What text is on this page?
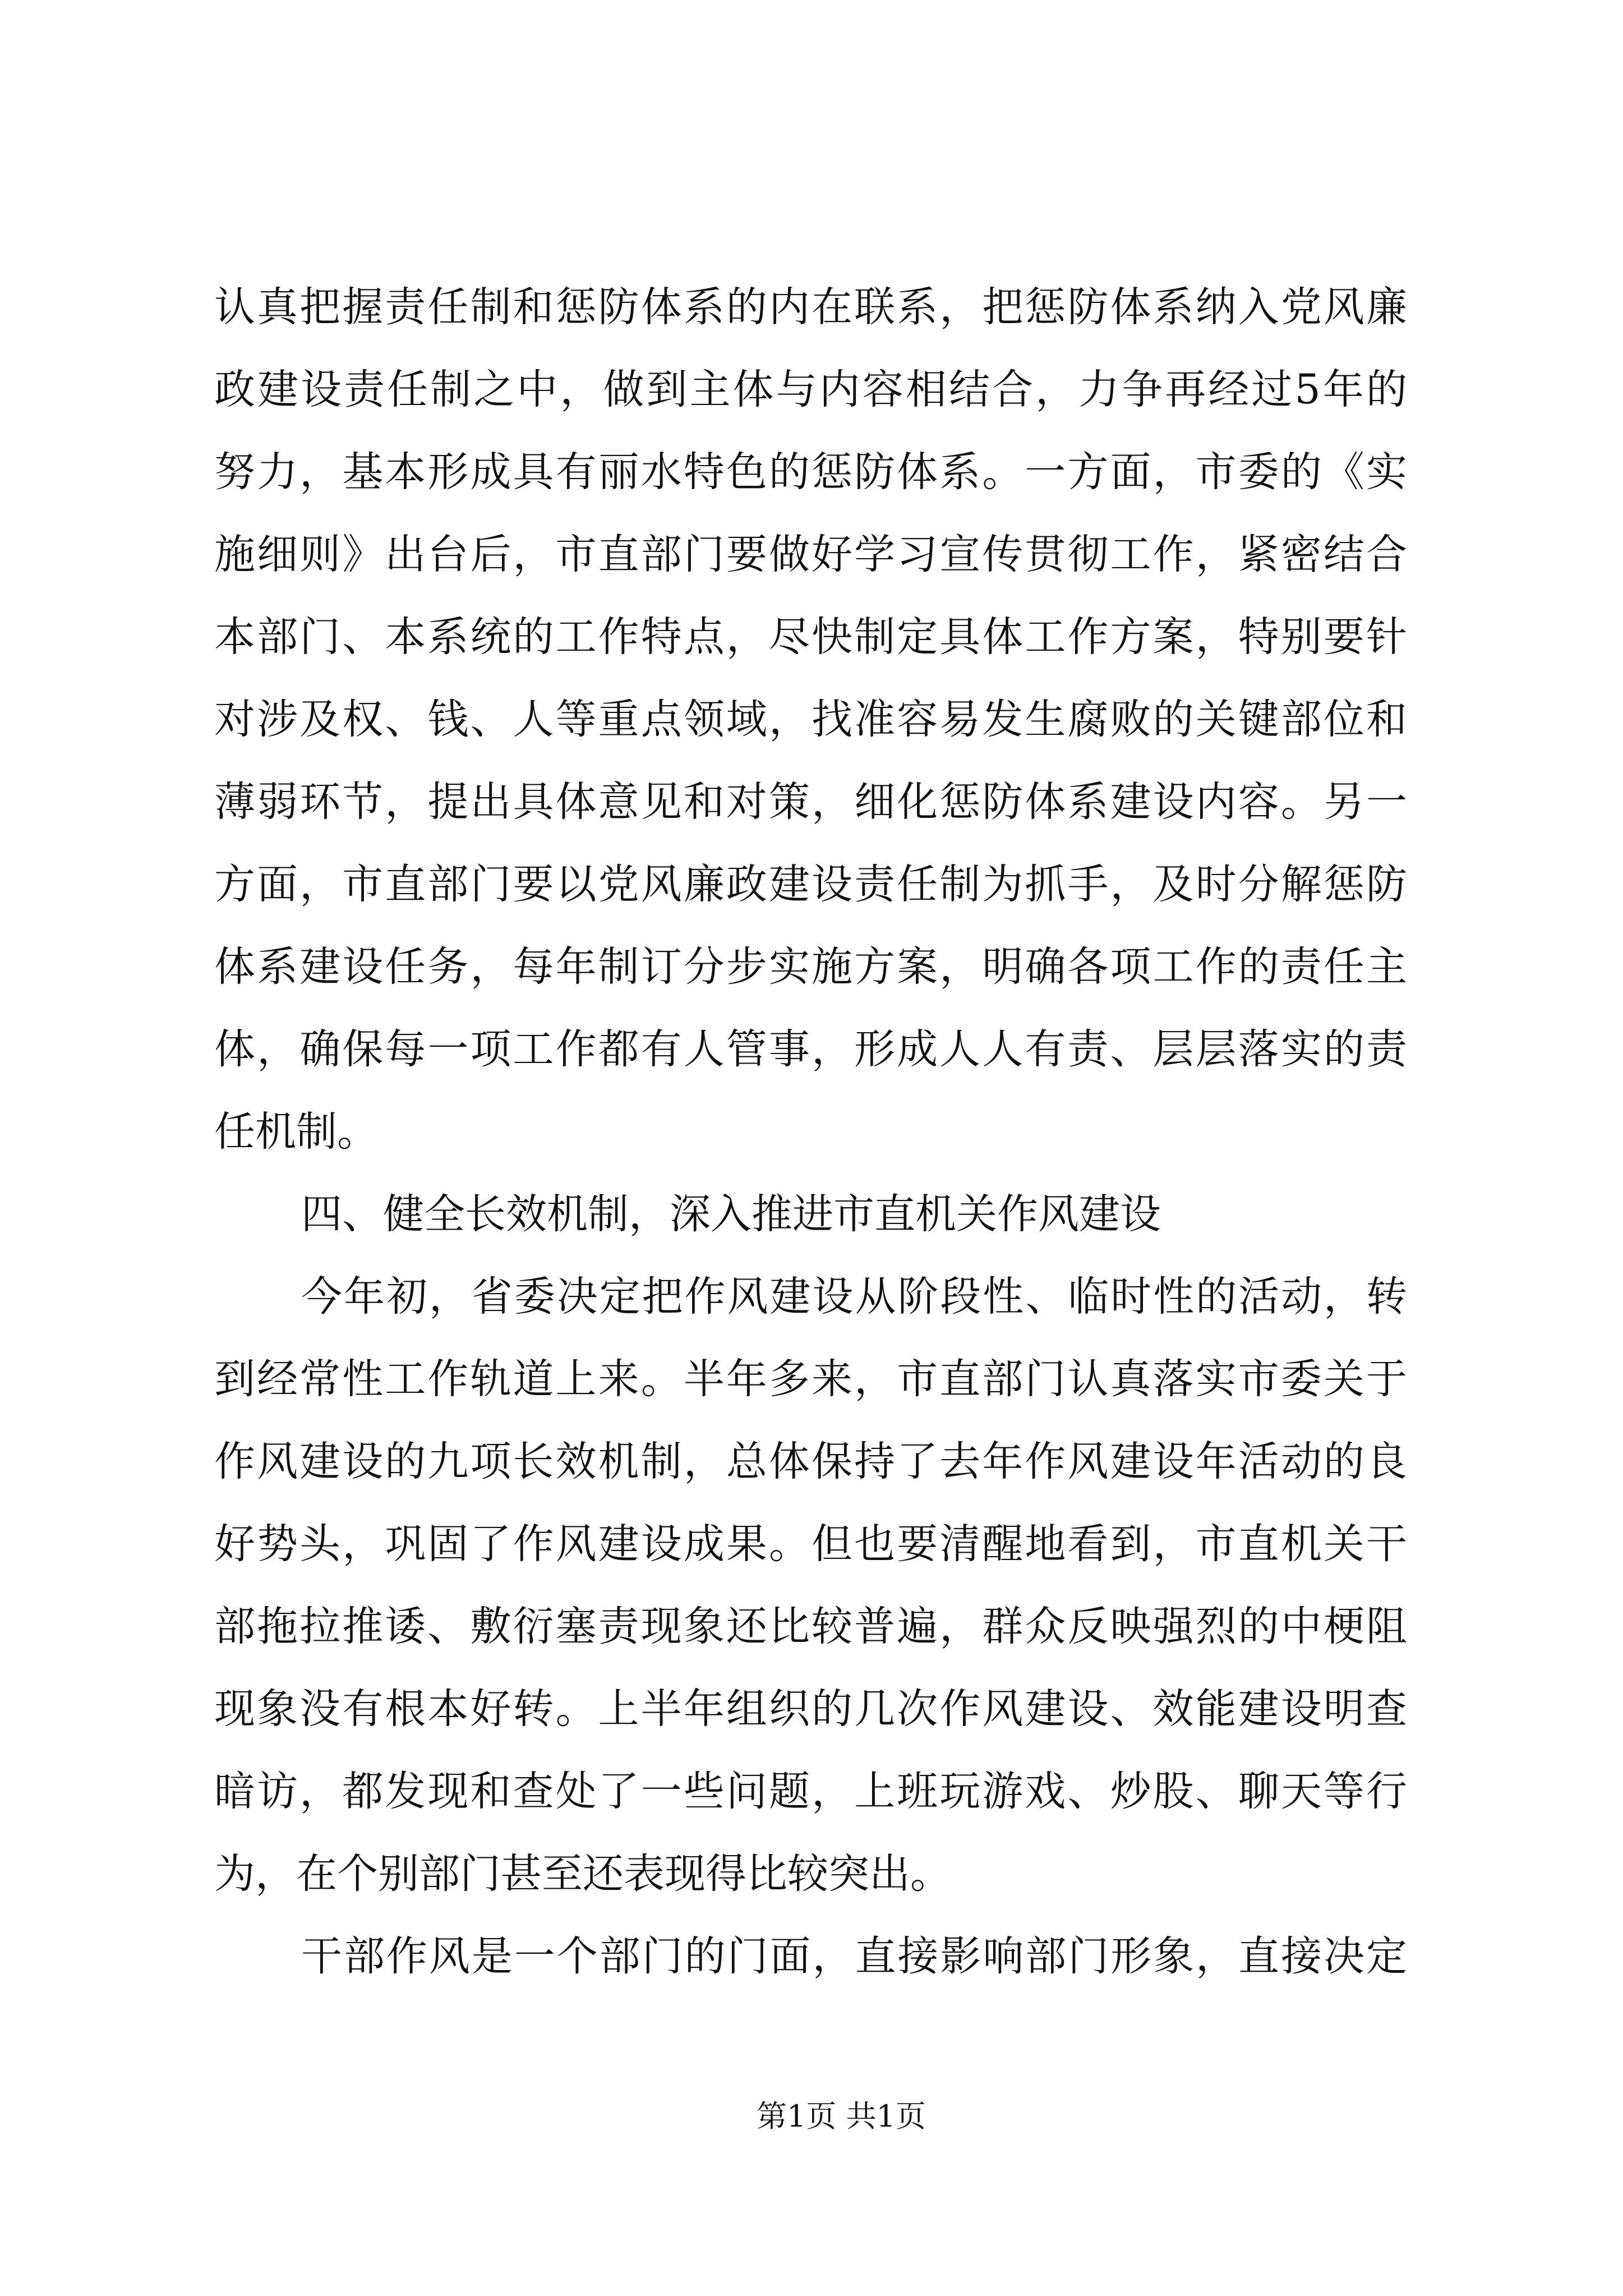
认真把握责任制和惩防体系的内在联系，把惩防体系纳入党风廉
政建设责任制之中，做到主体与内容相结合，力争再经过5年的
努力，基本形成具有丽水特色的惩防体系。一方面，市委的《实
施细则》出台后，市直部门要做好学习宣传贯彻工作，紧密结合
本部门、本系统的工作特点，尽快制定具体工作方案，特别要针
对涉及权、钱、人等重点领域，找准容易发生腐败的关键部位和
薄弱环节，提出具体意见和对策，细化惩防体系建设内容。另一
方面，市直部门要以党风廉政建设责任制为抓手，及时分解惩防
体系建设任务，每年制订分步实施方案，明确各项工作的责任主
体，确保每一项工作都有人管事，形成人人有责、层层落实的责
任机制。
四、健全长效机制，深入推进市直机关作风建设
今年初，省委决定把作风建设从阶段性、临时性的活动，转
到经常性工作轨道上来。半年多来，市直部门认真落实市委关于
作风建设的九项长效机制，总体保持了去年作风建设年活动的良
好势头，巩固了作风建设成果。但也要清醒地看到，市直机关干
部拖拉推诿、敷衍塞责现象还比较普遍，群众反映强烈的中梗阻
现象没有根本好转。上半年组织的几次作风建设、效能建设明查
暗访，都发现和查处了一些问题，上班玩游戏、炒股、聊天等行
为，在个别部门甚至还表现得比较突出。
干部作风是一个部门的门面，直接影响部门形象，直接决定
第1页 共1页
